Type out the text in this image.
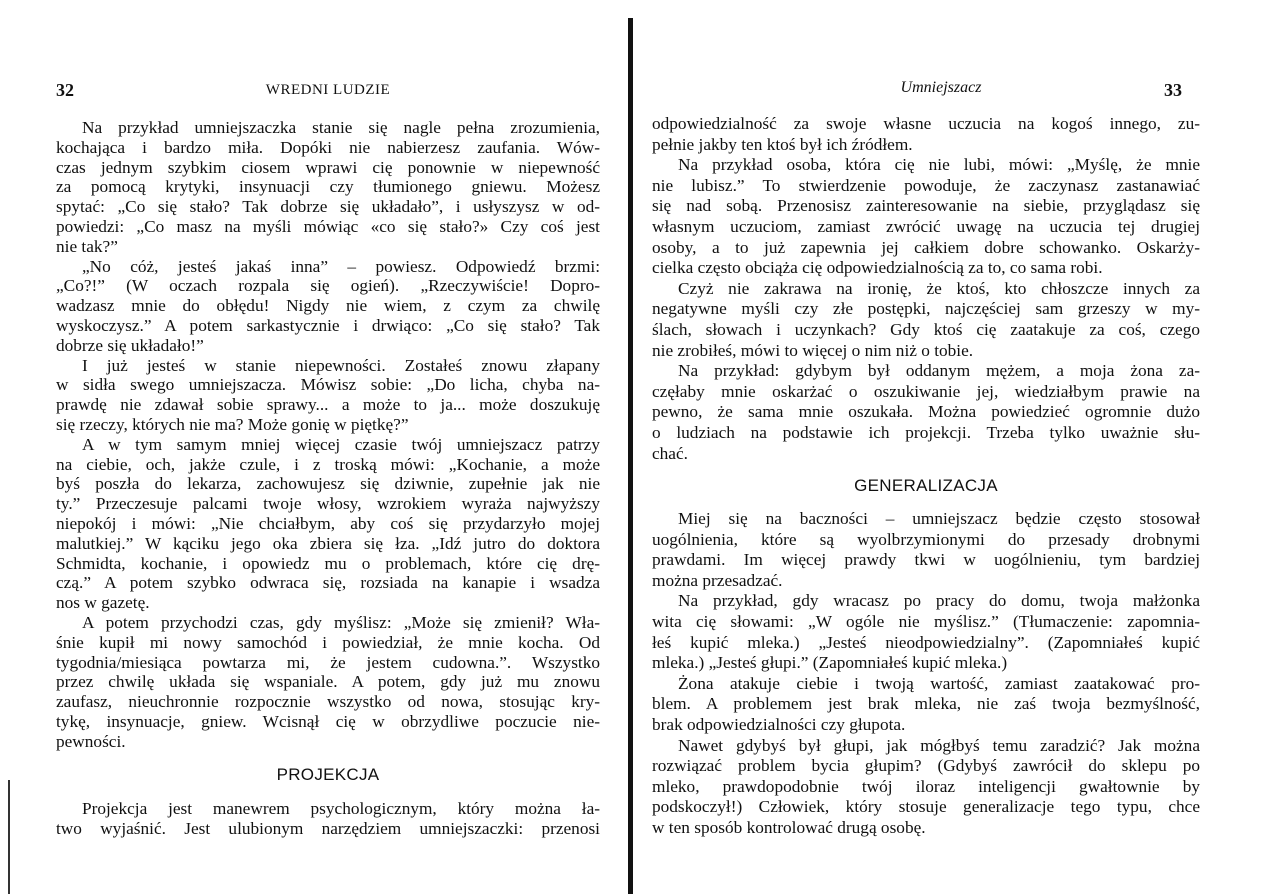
32	WREDNI LUDZIE
Na przykład umniejszaczka stanie się nagle pełna zrozumienia,
kochająca i bardzo miła. Dopóki nie nabierzesz zaufania. Wów-
czas jednym szybkim ciosem wprawi cię ponownie w niepewność
za pomocą krytyki, insynuacji czy tłumionego gniewu. Możesz
spytać: „Co się stało? Tak dobrze się układało”, i usłyszysz w od-
powiedzi: „Co masz na myśli mówiąc «co się stało?» Czy coś jest
nie tak?”
„No cóż, jesteś jakaś inna” – powiesz. Odpowiedź brzmi:
„Co?!” (W oczach rozpala się ogień). „Rzeczywiście! Dopro-
wadzasz mnie do obłędu! Nigdy nie wiem, z czym za chwilę
wyskoczysz.” A potem sarkastycznie i drwiąco: „Co się stało? Tak
dobrze się układało!”
I już jesteś w stanie niepewności. Zostałeś znowu złapany
w sidła swego umniejszacza. Mówisz sobie: „Do licha, chyba na-
prawdę nie zdawał sobie sprawy... a może to ja... może doszukuję
się rzeczy, których nie ma? Może gonię w piętkę?”
A w tym samym mniej więcej czasie twój umniejszacz patrzy
na ciebie, och, jakże czule, i z troską mówi: „Kochanie, a może
byś poszła do lekarza, zachowujesz się dziwnie, zupełnie jak nie
ty.” Przeczesuje palcami twoje włosy, wzrokiem wyraża najwyższy
niepokój i mówi: „Nie chciałbym, aby coś się przydarzyło mojej
malutkiej.” W kąciku jego oka zbiera się łza. „Idź jutro do doktora
Schmidta, kochanie, i opowiedz mu o problemach, które cię drę-
czą.” A potem szybko odwraca się, rozsiada na kanapie i wsadza
nos w gazetę.
A potem przychodzi czas, gdy myślisz: „Może się zmienił? Wła-
śnie kupił mi nowy samochód i powiedział, że mnie kocha. Od
tygodnia/miesiąca powtarza mi, że jestem cudowna.”. Wszystko
przez chwilę układa się wspaniale. A potem, gdy już mu znowu
zaufasz, nieuchronnie rozpocznie wszystko od nowa, stosując kry-
tykę, insynuacje, gniew. Wcisnął cię w obrzydliwe poczucie nie-
pewności.
PROJEKCJA
Projekcja jest manewrem psychologicznym, który można ła-
two wyjaśnić. Jest ulubionym narzędziem umniejszaczki: przenosi
Umniejszacz	33
odpowiedzialność za swoje własne uczucia na kogoś innego, zu-
pełnie jakby ten ktoś był ich źródłem.
Na przykład osoba, która cię nie lubi, mówi: „Myślę, że mnie
nie lubisz.” To stwierdzenie powoduje, że zaczynasz zastanawiać
się nad sobą. Przenosisz zainteresowanie na siebie, przyglądasz się
własnym uczuciom, zamiast zwrócić uwagę na uczucia tej drugiej
osoby, a to już zapewnia jej całkiem dobre schowanko. Oskarży-
cielka często obciąża cię odpowiedzialnością za to, co sama robi.
Czyż nie zakrawa na ironię, że ktoś, kto chłoszcze innych za
negatywne myśli czy złe postępki, najczęściej sam grzeszy w my-
ślach, słowach i uczynkach? Gdy ktoś cię zaatakuje za coś, czego
nie zrobiłeś, mówi to więcej o nim niż o tobie.
Na przykład: gdybym był oddanym mężem, a moja żona za-
częłaby mnie oskarżać o oszukiwanie jej, wiedziałbym prawie na
pewno, że sama mnie oszukała. Można powiedzieć ogromnie dużo
o ludziach na podstawie ich projekcji. Trzeba tylko uważnie słu-
chać.
GENERALIZACJA
Miej się na baczności – umniejszacz będzie często stosował
uogólnienia, które są wyolbrzymionymi do przesady drobnymi
prawdami. Im więcej prawdy tkwi w uogólnieniu, tym bardziej
można przesadzać.
Na przykład, gdy wracasz po pracy do domu, twoja małżonka
wita cię słowami: „W ogóle nie myślisz.” (Tłumaczenie: zapomnia-
łeś kupić mleka.) „Jesteś nieodpowiedzialny”. (Zapomniałeś kupić
mleka.) „Jesteś głupi.” (Zapomniałeś kupić mleka.)
Żona atakuje ciebie i twoją wartość, zamiast zaatakować pro-
blem. A problemem jest brak mleka, nie zaś twoja bezmyślność,
brak odpowiedzialności czy głupota.
Nawet gdybyś był głupi, jak mógłbyś temu zaradzić? Jak można
rozwiązać problem bycia głupim? (Gdybyś zawrócił do sklepu po
mleko, prawdopodobnie twój iloraz inteligencji gwałtownie by
podskoczył!) Człowiek, który stosuje generalizacje tego typu, chce
w ten sposób kontrolować drugą osobę.
